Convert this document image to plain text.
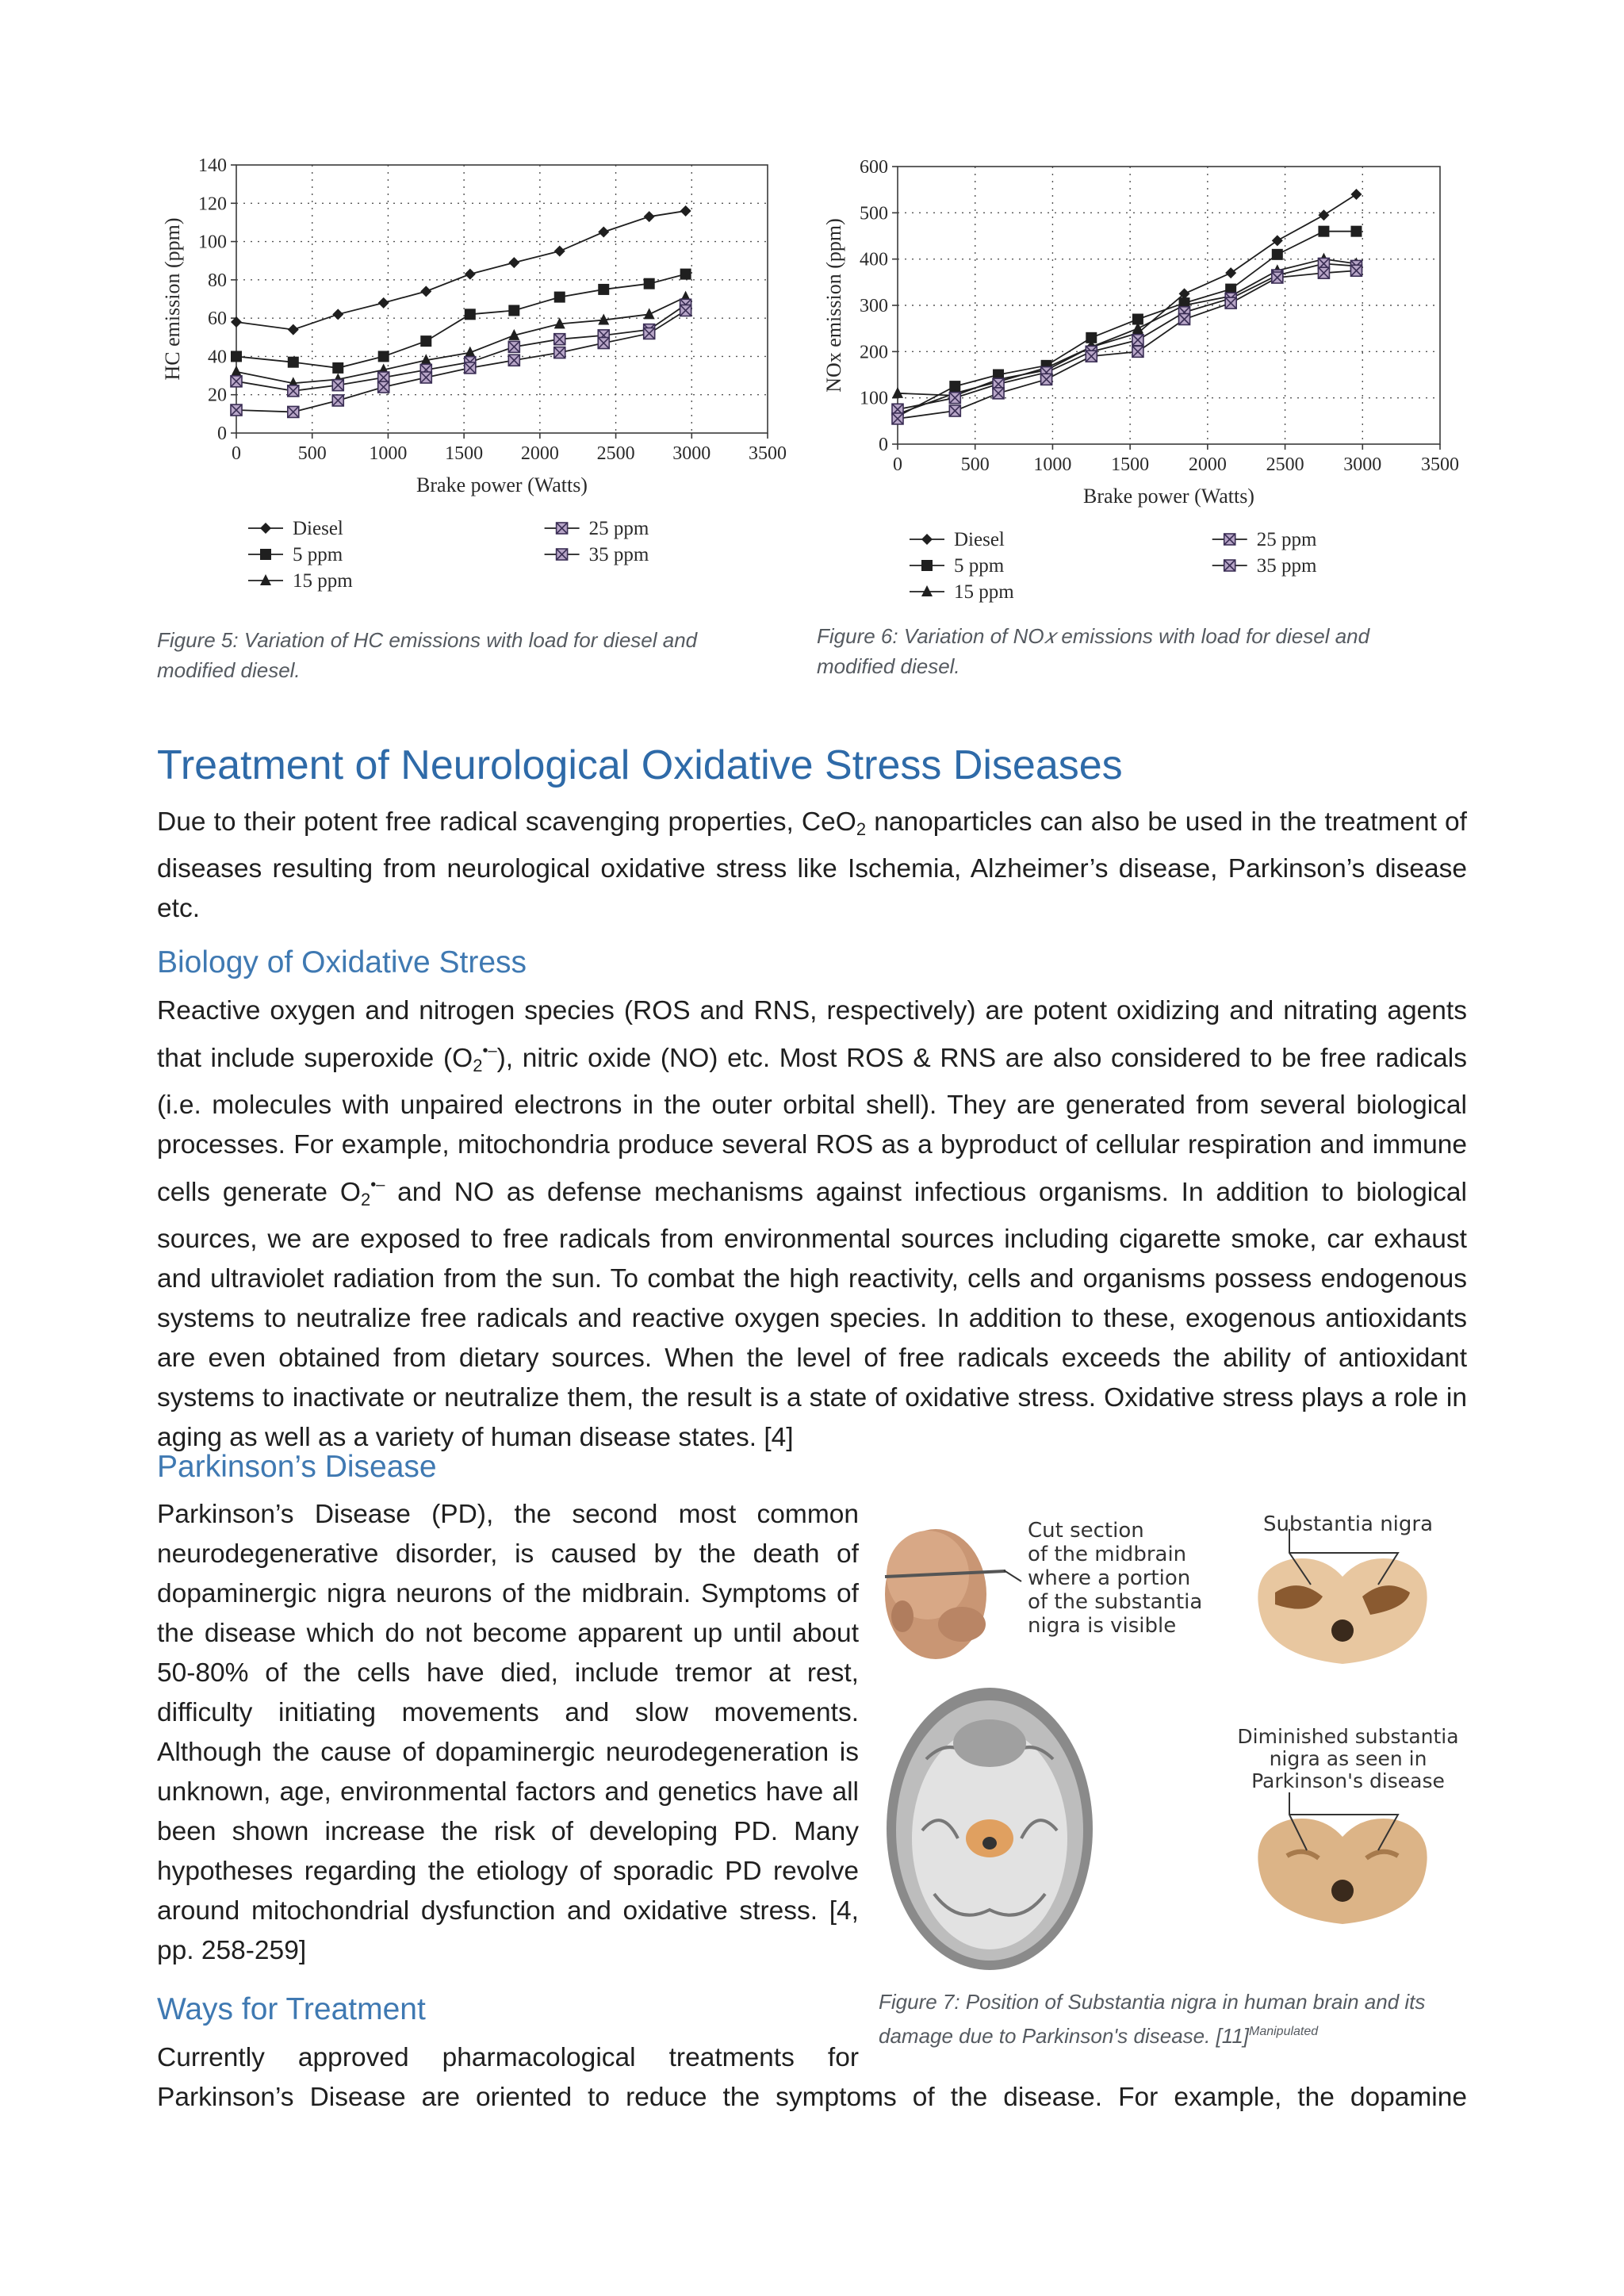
0	500 1000 1500 2000 2500 3000 3500
0
20
40
60
80
100
120
140
Brake power (Watts)
HC emission (ppm)
Diesel
5 ppm
15 ppm
25 ppm
35 ppm
Figure 5: Variation of HC emissions with load for diesel and modified diesel.
0	500 1000 1500 2000 2500 3000 3500
0
100
200
300
400
500
600
Brake power (Watts)
NOx emission (ppm)
Diesel
5 ppm
15 ppm
25 ppm
35 ppm
Figure 6: Variation of NO𝑥 emissions with load for diesel and modified diesel.
Treatment of Neurological Oxidative Stress Diseases

Due to their potent free radical scavenging properties, CeO$_2$ nanoparticles can also be used in the treatment of diseases resulting from neurological oxidative stress like Ischemia, Alzheimer’s disease, Parkinson’s disease etc.

Biology of Oxidative Stress

Reactive oxygen and nitrogen species (ROS and RNS, respectively) are potent oxidizing and nitrating agents that include superoxide $(O_2^{•-})$, nitric oxide (NO) etc. Most ROS & RNS are also considered to be free radicals (i.e. molecules with unpaired electrons in the outer orbital shell). They are generated from several biological processes. For example, mitochondria produce several ROS as a byproduct of cellular respiration and immune cells generate $O_2^{•-}$ and NO as defense mechanisms against infectious organisms. In addition to biological sources, we are exposed to free radicals from environmental sources including cigarette smoke, car exhaust and ultraviolet radiation from the sun. To combat the high reactivity, cells and organisms possess endogenous systems to neutralize free radicals and reactive oxygen species. In addition to these, exogenous antioxidants are even obtained from dietary sources. When the level of free radicals exceeds the ability of antioxidant systems to inactivate or neutralize them, the result is a state of oxidative stress. Oxidative stress plays a role in aging as well as a variety of human disease states. [4]

Parkinson’s Disease

Parkinson’s Disease (PD), the second most common neurodegenerative disorder, is caused by the death of dopaminergic nigra neurons of the midbrain. Symptoms of the disease which do not become apparent up until about 50-80% of the cells have died, include tremor at rest, difficulty initiating movements and slow movements. Although the cause of dopaminergic neurodegeneration is unknown, age, environmental factors and genetics have all been shown increase the risk of developing PD. Many hypotheses regarding the etiology of sporadic PD revolve around mitochondrial dysfunction and oxidative stress. [4, pp. 258-259]

Substantia nigra
Cut section
of the midbrain
where a portion
of the substantia
nigra is visible
Diminished substantia
nigra as seen in
Parkinson's disease
Figure 7: Position of Substantia nigra in human brain and its damage due to Parkinson's disease. $[11]^{Manipulated}$
Ways for Treatment

Currently approved pharmacological treatments for

Parkinson’s Disease are oriented to reduce the symptoms of the disease. For example, the dopamine
